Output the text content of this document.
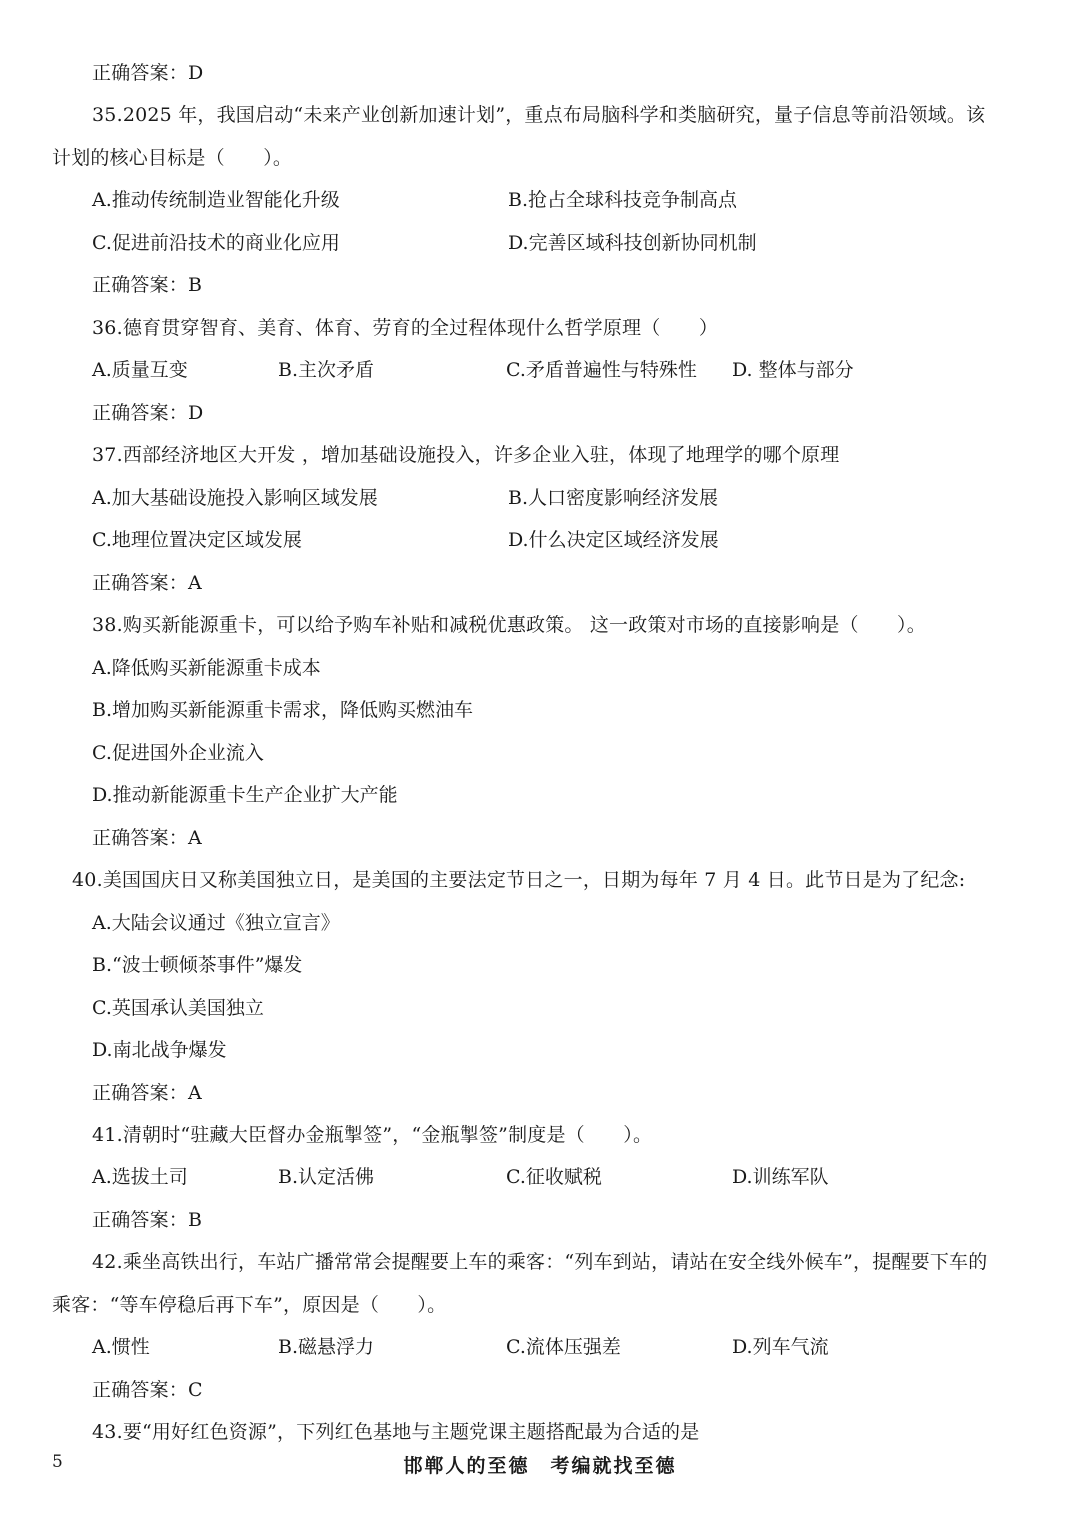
正确答案：D
35.2025 年，我国启动“未来产业创新加速计划”，重点布局脑科学和类脑研究，量子信息等前沿领域。该
计划的核心目标是（　　）。
A.推动传统制造业智能化升级	B.抢占全球科技竞争制高点
C.促进前沿技术的商业化应用	D.完善区域科技创新协同机制
正确答案：B
36.德育贯穿智育、美育、体育、劳育的全过程体现什么哲学原理（　　）
A.质量互变	B.主次矛盾	C.矛盾普遍性与特殊性 D. 整体与部分
正确答案：D
37.西部经济地区大开发 ，增加基础设施投入，许多企业入驻，体现了地理学的哪个原理
A.加大基础设施投入影响区域发展	B.人口密度影响经济发展
C.地理位置决定区域发展	D.什么决定区域经济发展
正确答案：A
38.购买新能源重卡，可以给予购车补贴和减税优惠政策。 这一政策对市场的直接影响是（　　）。
A.降低购买新能源重卡成本
B.增加购买新能源重卡需求，降低购买燃油车
C.促进国外企业流入
D.推动新能源重卡生产企业扩大产能
正确答案：A
40.美国国庆日又称美国独立日，是美国的主要法定节日之一，日期为每年 7 月 4 日。此节日是为了纪念:
A.大陆会议通过《独立宣言》
B.“波士顿倾茶事件”爆发
C.英国承认美国独立
D.南北战争爆发
正确答案：A
41.清朝时“驻藏大臣督办金瓶掣签”，“金瓶掣签”制度是（　　）。
A.选拔土司	B.认定活佛	C.征收赋税	D.训练军队
正确答案：B
42.乘坐高铁出行，车站广播常常会提醒要上车的乘客：“列车到站，请站在安全线外候车”，提醒要下车的
乘客：“等车停稳后再下车”，原因是（　　）。
A.惯性	B.磁悬浮力	C.流体压强差	D.列车气流
正确答案：C
43.要“用好红色资源”，下列红色基地与主题党课主题搭配最为合适的是
5	邯郸人的至德　考编就找至德
